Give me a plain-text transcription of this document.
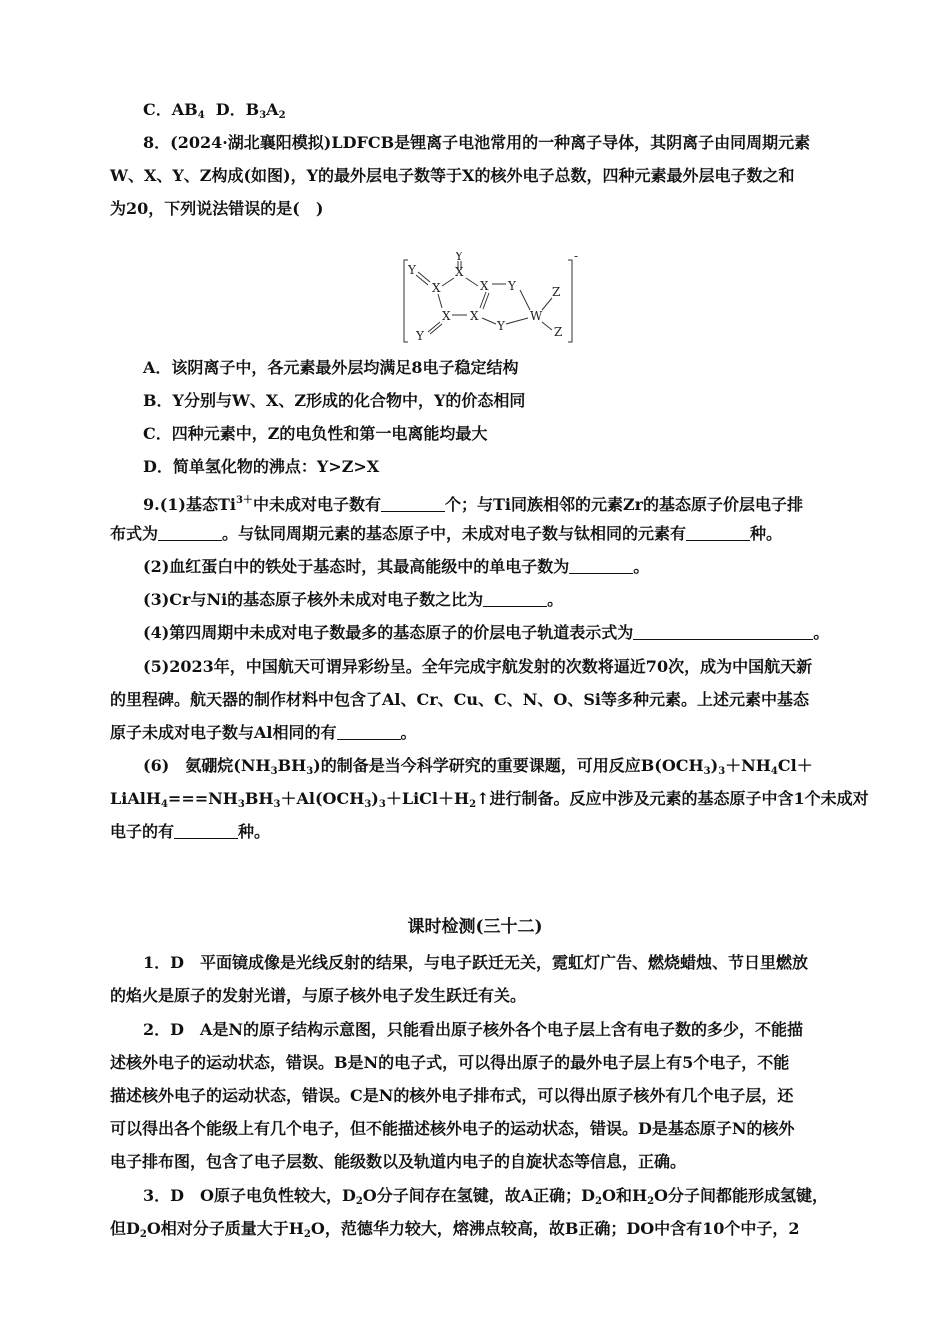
C．$AB_4$  D．$B_3A_2$
8．(2024·湖北襄阳模拟)LDFCB是锂离子电池常用的一种离子导体，其阴离子由同周期元素
W、X、Y、Z构成(如图)，Y的最外层电子数等于X的核外电子总数，四种元素最外层电子数之和
为20，下列说法错误的是(　)
-
Y
X
Y
X	X Y	Z
X X
Y
W
Z
Y
A．该阴离子中，各元素最外层均满足8电子稳定结构
B．Y分别与W、X、Z形成的化合物中，Y的价态相同
C．四种元素中，Z的电负性和第一电离能均最大
D．简单氢化物的沸点：Y>Z>X
9.(1)基态$Ti^{3+}$中未成对电子数有	个；与Ti同族相邻的元素Zr的基态原子价层电子排
布式为	。与钛同周期元素的基态原子中，未成对电子数与钛相同的元素有	种。
(2)血红蛋白中的铁处于基态时，其最高能级中的单电子数为	。
(3)Cr与Ni的基态原子核外未成对电子数之比为	。
(4)第四周期中未成对电子数最多的基态原子的价层电子轨道表示式为	。
(5)2023年，中国航天可谓异彩纷呈。全年完成宇航发射的次数将逼近70次，成为中国航天新
的里程碑。航天器的制作材料中包含了Al、Cr、Cu、C、N、O、Si等多种元素。上述元素中基态
原子未成对电子数与Al相同的有	。
(6)　氨硼烷$(NH_3BH_3)$的制备是当今科学研究的重要课题，可用反应$B(OCH_3)_3+NH_4Cl+$
$LiAlH_4===NH_3BH_3+Al(OCH_3)_3+LiCl+H_2↑$进行制备。反应中涉及元素的基态原子中含1个未成对
电子的有	种。
课时检测(三十二)
1．D　平面镜成像是光线反射的结果，与电子跃迁无关，霓虹灯广告、燃烧蜡烛、节日里燃放
的焰火是原子的发射光谱，与原子核外电子发生跃迁有关。
2．D　A是N的原子结构示意图，只能看出原子核外各个电子层上含有电子数的多少，不能描
述核外电子的运动状态，错误。B是N的电子式，可以得出原子的最外电子层上有5个电子，不能
描述核外电子的运动状态，错误。C是N的核外电子排布式，可以得出原子核外有几个电子层，还
可以得出各个能级上有几个电子，但不能描述核外电子的运动状态，错误。D是基态原子N的核外
电子排布图，包含了电子层数、能级数以及轨道内电子的自旋状态等信息，正确。
3．D　O原子电负性较大，$D_2O$分子间存在氢键，故A正确；$D_2O$和$H_2O$分子间都能形成氢键，
但$D_2O$相对分子质量大于$H_2O$，范德华力较大，熔沸点较高，故B正确；DO中含有10个中子，2
